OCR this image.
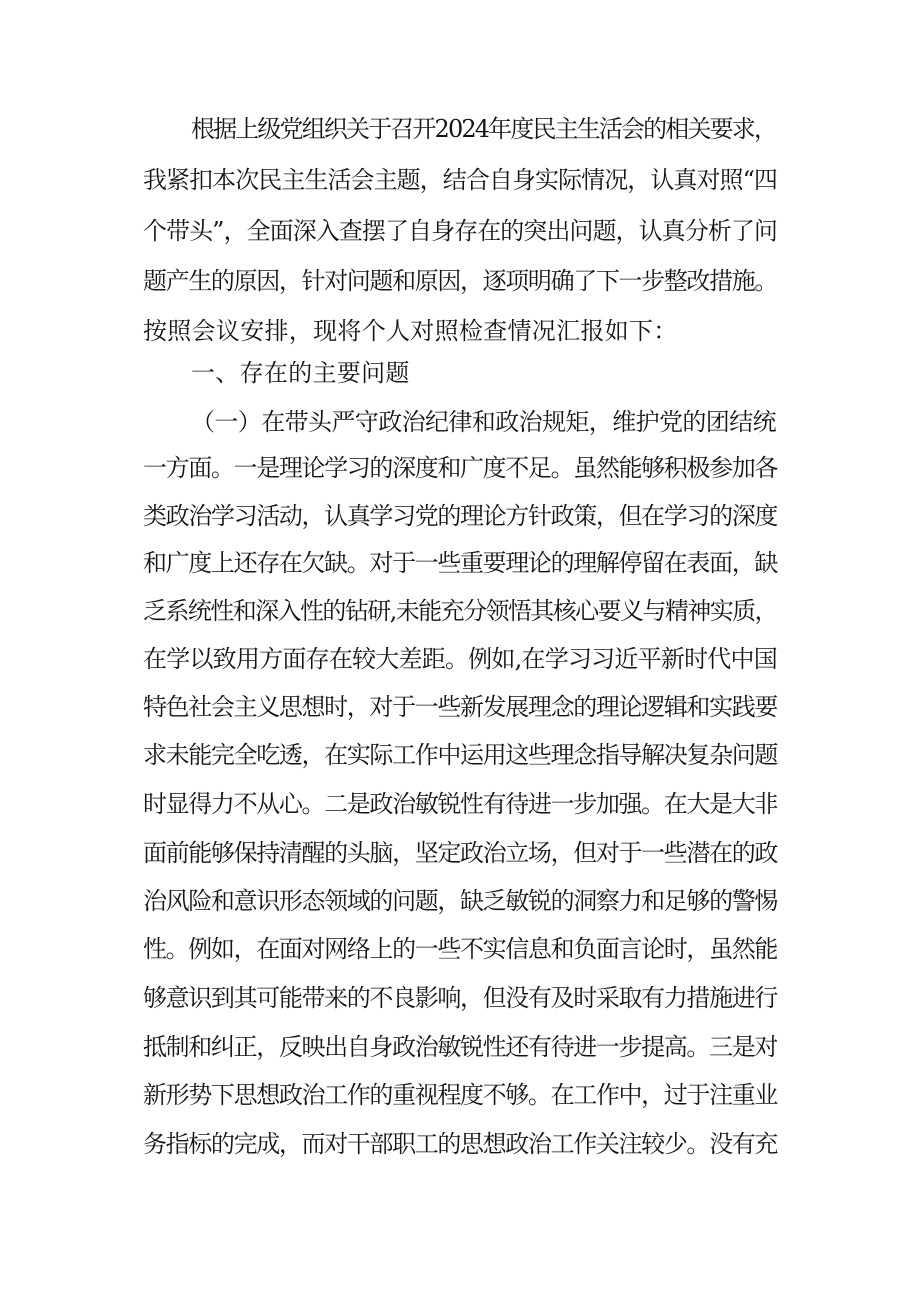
根据上级党组织关于召开2024年度民主生活会的相关要求，
我紧扣本次民主生活会主题，结合自身实际情况，认真对照“四
个带头”，全面深入查摆了自身存在的突出问题，认真分析了问
题产生的原因，针对问题和原因，逐项明确了下一步整改措施。
按照会议安排，现将个人对照检查情况汇报如下：
一、存在的主要问题
（一）在带头严守政治纪律和政治规矩，维护党的团结统
一方面。一是理论学习的深度和广度不足。虽然能够积极参加各
类政治学习活动，认真学习党的理论方针政策，但在学习的深度
和广度上还存在欠缺。对于一些重要理论的理解停留在表面，缺
乏系统性和深入性的钻研,未能充分领悟其核心要义与精神实质，
在学以致用方面存在较大差距。例如,在学习习近平新时代中国
特色社会主义思想时，对于一些新发展理念的理论逻辑和实践要
求未能完全吃透，在实际工作中运用这些理念指导解决复杂问题
时显得力不从心。二是政治敏锐性有待进一步加强。在大是大非
面前能够保持清醒的头脑，坚定政治立场，但对于一些潜在的政
治风险和意识形态领域的问题，缺乏敏锐的洞察力和足够的警惕
性。例如，在面对网络上的一些不实信息和负面言论时，虽然能
够意识到其可能带来的不良影响，但没有及时采取有力措施进行
抵制和纠正，反映出自身政治敏锐性还有待进一步提高。三是对
新形势下思想政治工作的重视程度不够。在工作中，过于注重业
务指标的完成，而对干部职工的思想政治工作关注较少。没有充
